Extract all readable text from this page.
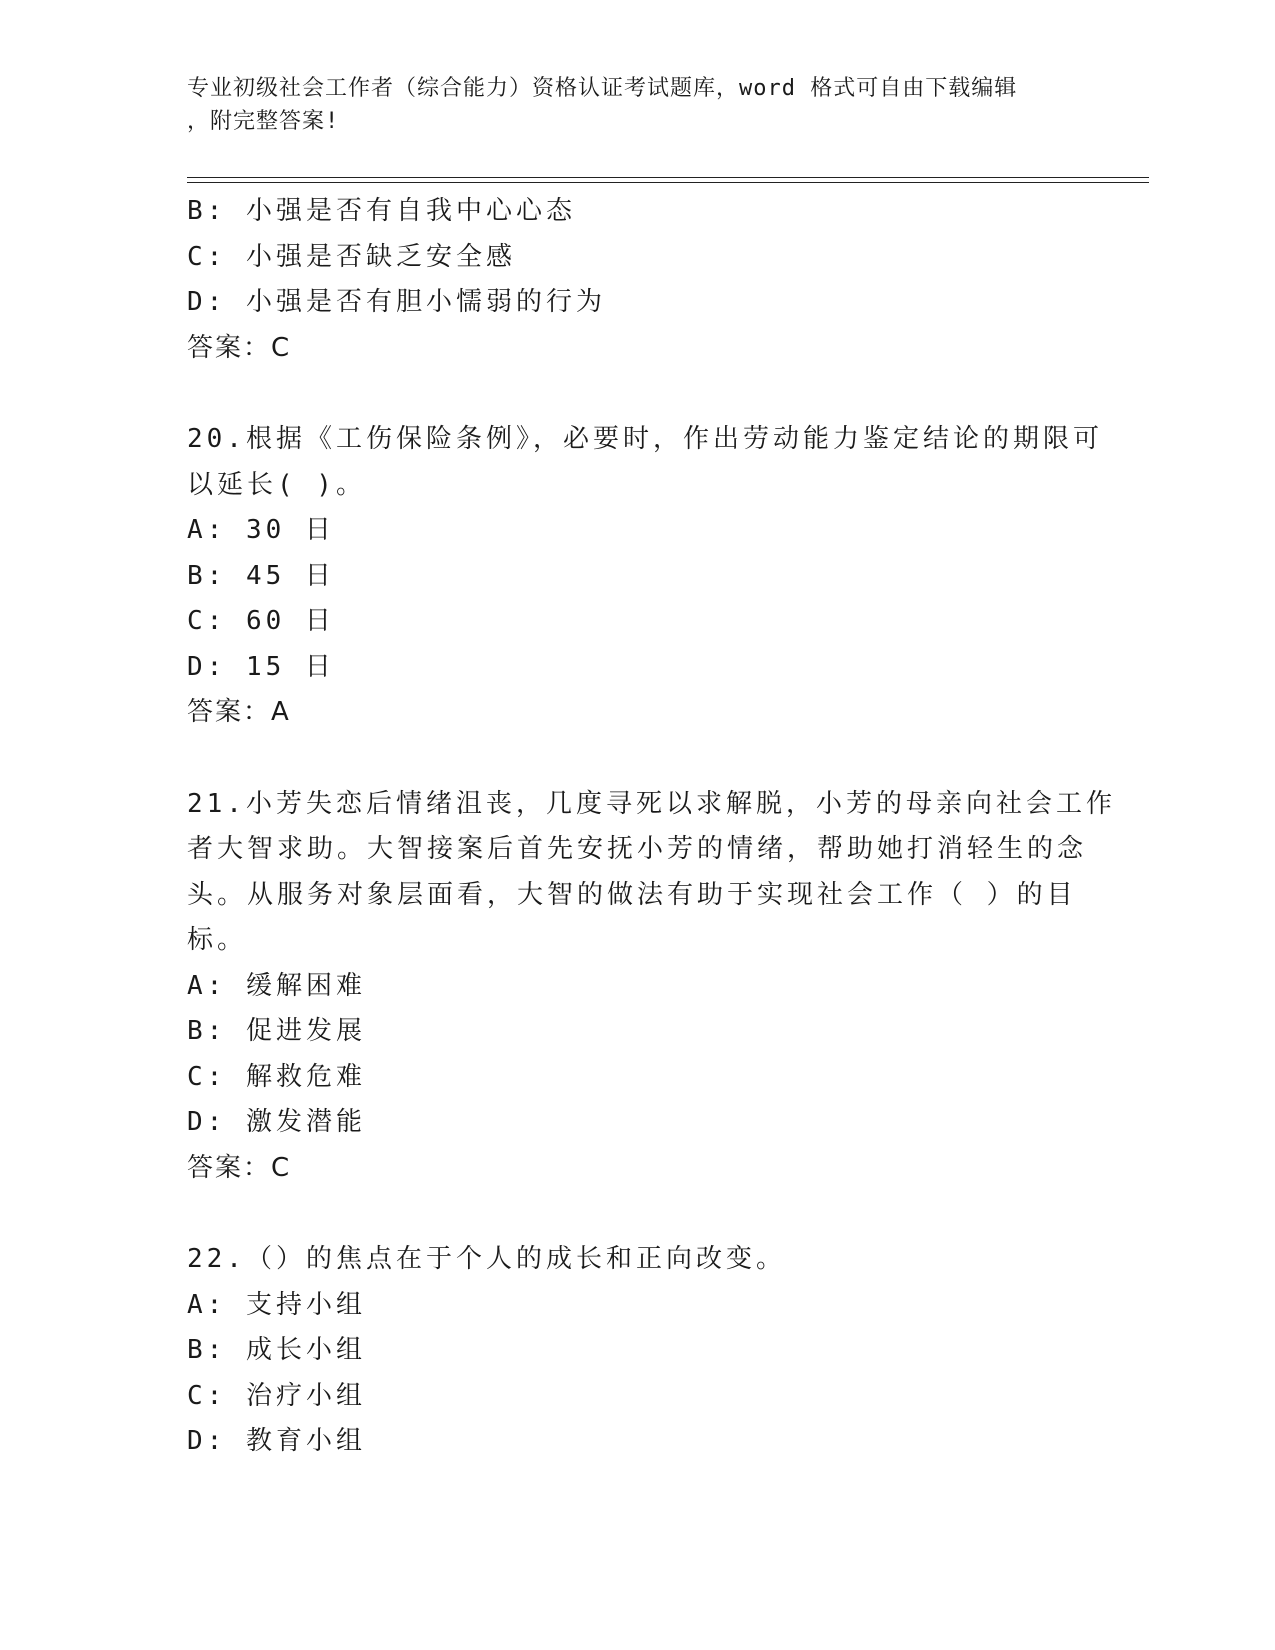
专业初级社会工作者（综合能力）资格认证考试题库，word 格式可自由下载编辑
，附完整答案!
B: 小强是否有自我中心心态
C: 小强是否缺乏安全感
D: 小强是否有胆小懦弱的行为
答案：C
20.根据《工伤保险条例》，必要时，作出劳动能力鉴定结论的期限可
以延长( )。
A: 30 日
B: 45 日
C: 60 日
D: 15 日
答案：A
21.小芳失恋后情绪沮丧，几度寻死以求解脱，小芳的母亲向社会工作
者大智求助。大智接案后首先安抚小芳的情绪，帮助她打消轻生的念
头。从服务对象层面看，大智的做法有助于实现社会工作（ ）的目
标。
A: 缓解困难
B: 促进发展
C: 解救危难
D: 激发潜能
答案：C
22.（）的焦点在于个人的成长和正向改变。
A: 支持小组
B: 成长小组
C: 治疗小组
D: 教育小组
